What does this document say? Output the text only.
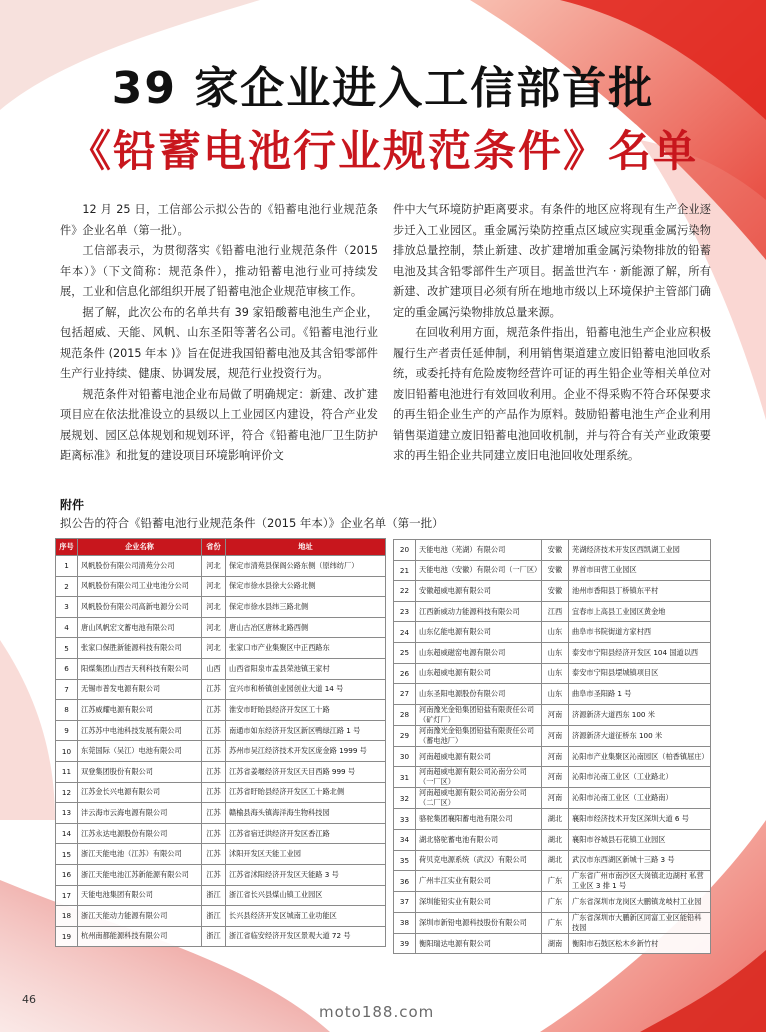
39 家企业进入工信部首批
《铅蓄电池行业规范条件》名单

12 月 25 日，工信部公示拟公告的《铅蓄电池行业规范条件》企业名单（第一批）。

工信部表示，为贯彻落实《铅蓄电池行业规范条件（2015 年本）》（下文简称：规范条件），推动铅蓄电池行业可持续发展，工业和信息化部组织开展了铅蓄电池企业规范审核工作。

据了解，此次公布的名单共有 39 家铅酸蓄电池生产企业，包括超威、天能、风帆、山东圣阳等著名公司。《铅蓄电池行业规范条件 (2015 年本 )》旨在促进我国铅蓄电池及其含铅零部件生产行业持续、健康、协调发展，规范行业投资行为。

规范条件对铅蓄电池企业布局做了明确规定：新建、改扩建项目应在依法批准设立的县级以上工业园区内建设，符合产业发展规划、园区总体规划和规划环评，符合《铅蓄电池厂卫生防护距离标准》和批复的建设项目环境影响评价文

件中大气环境防护距离要求。有条件的地区应将现有生产企业逐步迁入工业园区。重金属污染防控重点区域应实现重金属污染物排放总量控制，禁止新建、改扩建增加重金属污染物排放的铅蓄电池及其含铅零部件生产项目。据盖世汽车 · 新能源了解，所有新建、改扩建项目必须有所在地地市级以上环境保护主管部门确定的重金属污染物排放总量来源。

在回收利用方面，规范条件指出，铅蓄电池生产企业应积极履行生产者责任延伸制，利用销售渠道建立废旧铅蓄电池回收系统，或委托持有危险废物经营许可证的再生铅企业等相关单位对废旧铅蓄电池进行有效回收利用。企业不得采购不符合环保要求的再生铅企业生产的产品作为原料。鼓励铅蓄电池生产企业利用销售渠道建立废旧铅蓄电池回收机制，并与符合有关产业政策要求的再生铅企业共同建立废旧电池回收处理系统。

附件
拟公告的符合《铅蓄电池行业规范条件（2015 年本）》企业名单（第一批）
序号	企业名称	省份	地址
1	风帆股份有限公司清苑分公司	河北	保定市清苑县保阁公路东侧（原纬纺厂）
2	风帆股份有限公司工业电池分公司	河北	保定市徐水县徐大公路北侧
3	风帆股份有限公司高新电源分公司	河北	保定市徐水县纬三路北侧
4	唐山风帆宏文蓄电池有限公司	河北	唐山古冶区唐林北路西侧
5	张家口保胜新能源科技有限公司	河北	张家口市产业集聚区中正西路东
6	阳煤集团山西吉天利科技有限公司	山西	山西省阳泉市盂县荣池镇王家村
7	无锡市普发电源有限公司	江苏	宜兴市和桥镇创业园创业大道 14 号
8	江苏威耀电源有限公司	江苏	淮安市盱眙县经济开发区工十路
9	江苏苏中电池科技发展有限公司	江苏	南通市如东经济开发区新区鸭绿江路 1 号
10	东莞国际（吴江）电池有限公司	江苏	苏州市吴江经济技术开发区庞金路 1999 号
11	双登集团股份有限公司	江苏	江苏省姜堰经济开发区天目西路 999 号
12	江苏金长兴电源有限公司	江苏	江苏省盱眙县经济开发区工十路北侧
13	沣云海市云海电源有限公司	江苏	赣榆县海头镇海洋海生物科技园
14	江苏永达电源股份有限公司	江苏	江苏省宿迁洪经济开发区香江路
15	浙江天能电池（江苏）有限公司	江苏	沭阳开发区天能工业园
16	浙江天能电池江苏新能源有限公司	江苏	江苏省沭阳经济开发区天能路 3 号
17	天能电池集团有限公司	浙江	浙江省长兴县煤山镇工业园区
18	浙江天能动力能源有限公司	浙江	长兴县经济开发区城南工业功能区
19	杭州南都能源科技有限公司	浙江	浙江省临安经济开发区景观大道 72 号
20	天能电池（芜湖）有限公司	安徽	芜湖经济技术开发区西凯湖工业园
21	天能电池（安徽）有限公司（一厂区）	安徽	界首市田营工业园区
22	安徽超威电源有限公司	安徽	池州市香阳县丁桥镇东平村
23	江西新威动力能源科技有限公司	江西	宜春市上高县工业园区黄金地
24	山东亿能电源有限公司	山东	曲阜市书院街道方家村西
25	山东超威磁窑电源有限公司	山东	泰安市宁阳县经济开发区 104 国道以西
26	山东超威电源有限公司	山东	泰安市宁阳县堽城镇项目区
27	山东圣阳电源股份有限公司	山东	曲阜市圣阳路 1 号
28	河南豫光金铅集团铅盐有限责任公司（矿灯厂）	河南	济源新济大道西东 100 米
29	河南豫光金铅集团铅盐有限责任公司（蓄电池厂）	河南	济源新济大道征桥东 100 米
30	河南超威电源有限公司	河南	沁阳市产业集聚区沁南园区（柏香镇屈庄）
31	河南超威电源有限公司沁南分公司（一厂区）	河南	沁阳市沁南工业区（工业路北）
32	河南超威电源有限公司沁南分公司（二厂区）	河南	沁阳市沁南工业区（工业路南）
33	骆驼集团襄阳蓄电池有限公司	湖北	襄阳市经济技术开发区深圳大道 6 号
34	湖北骆驼蓄电池有限公司	湖北	襄阳市谷城县石花镇工业园区
35	荷贝克电源系统（武汉）有限公司	湖北	武汉市东西湖区新城十三路 3 号
36	广州丰江实业有限公司	广东	广东省广州市南沙区大岗镇北边湖村 私营工业区 3 排 1 号
37	深圳能铅实业有限公司	广东	广东省深圳市龙岗区大鹏镇龙岐村工业园
38	深圳市新铅电源科技股份有限公司	广东	广东省深圳市大鹏新区同富工业区能铅科技园
39	衡阳瑞达电源有限公司	湖南	衡阳市石鼓区松木乡新竹村
46
moto188.com
